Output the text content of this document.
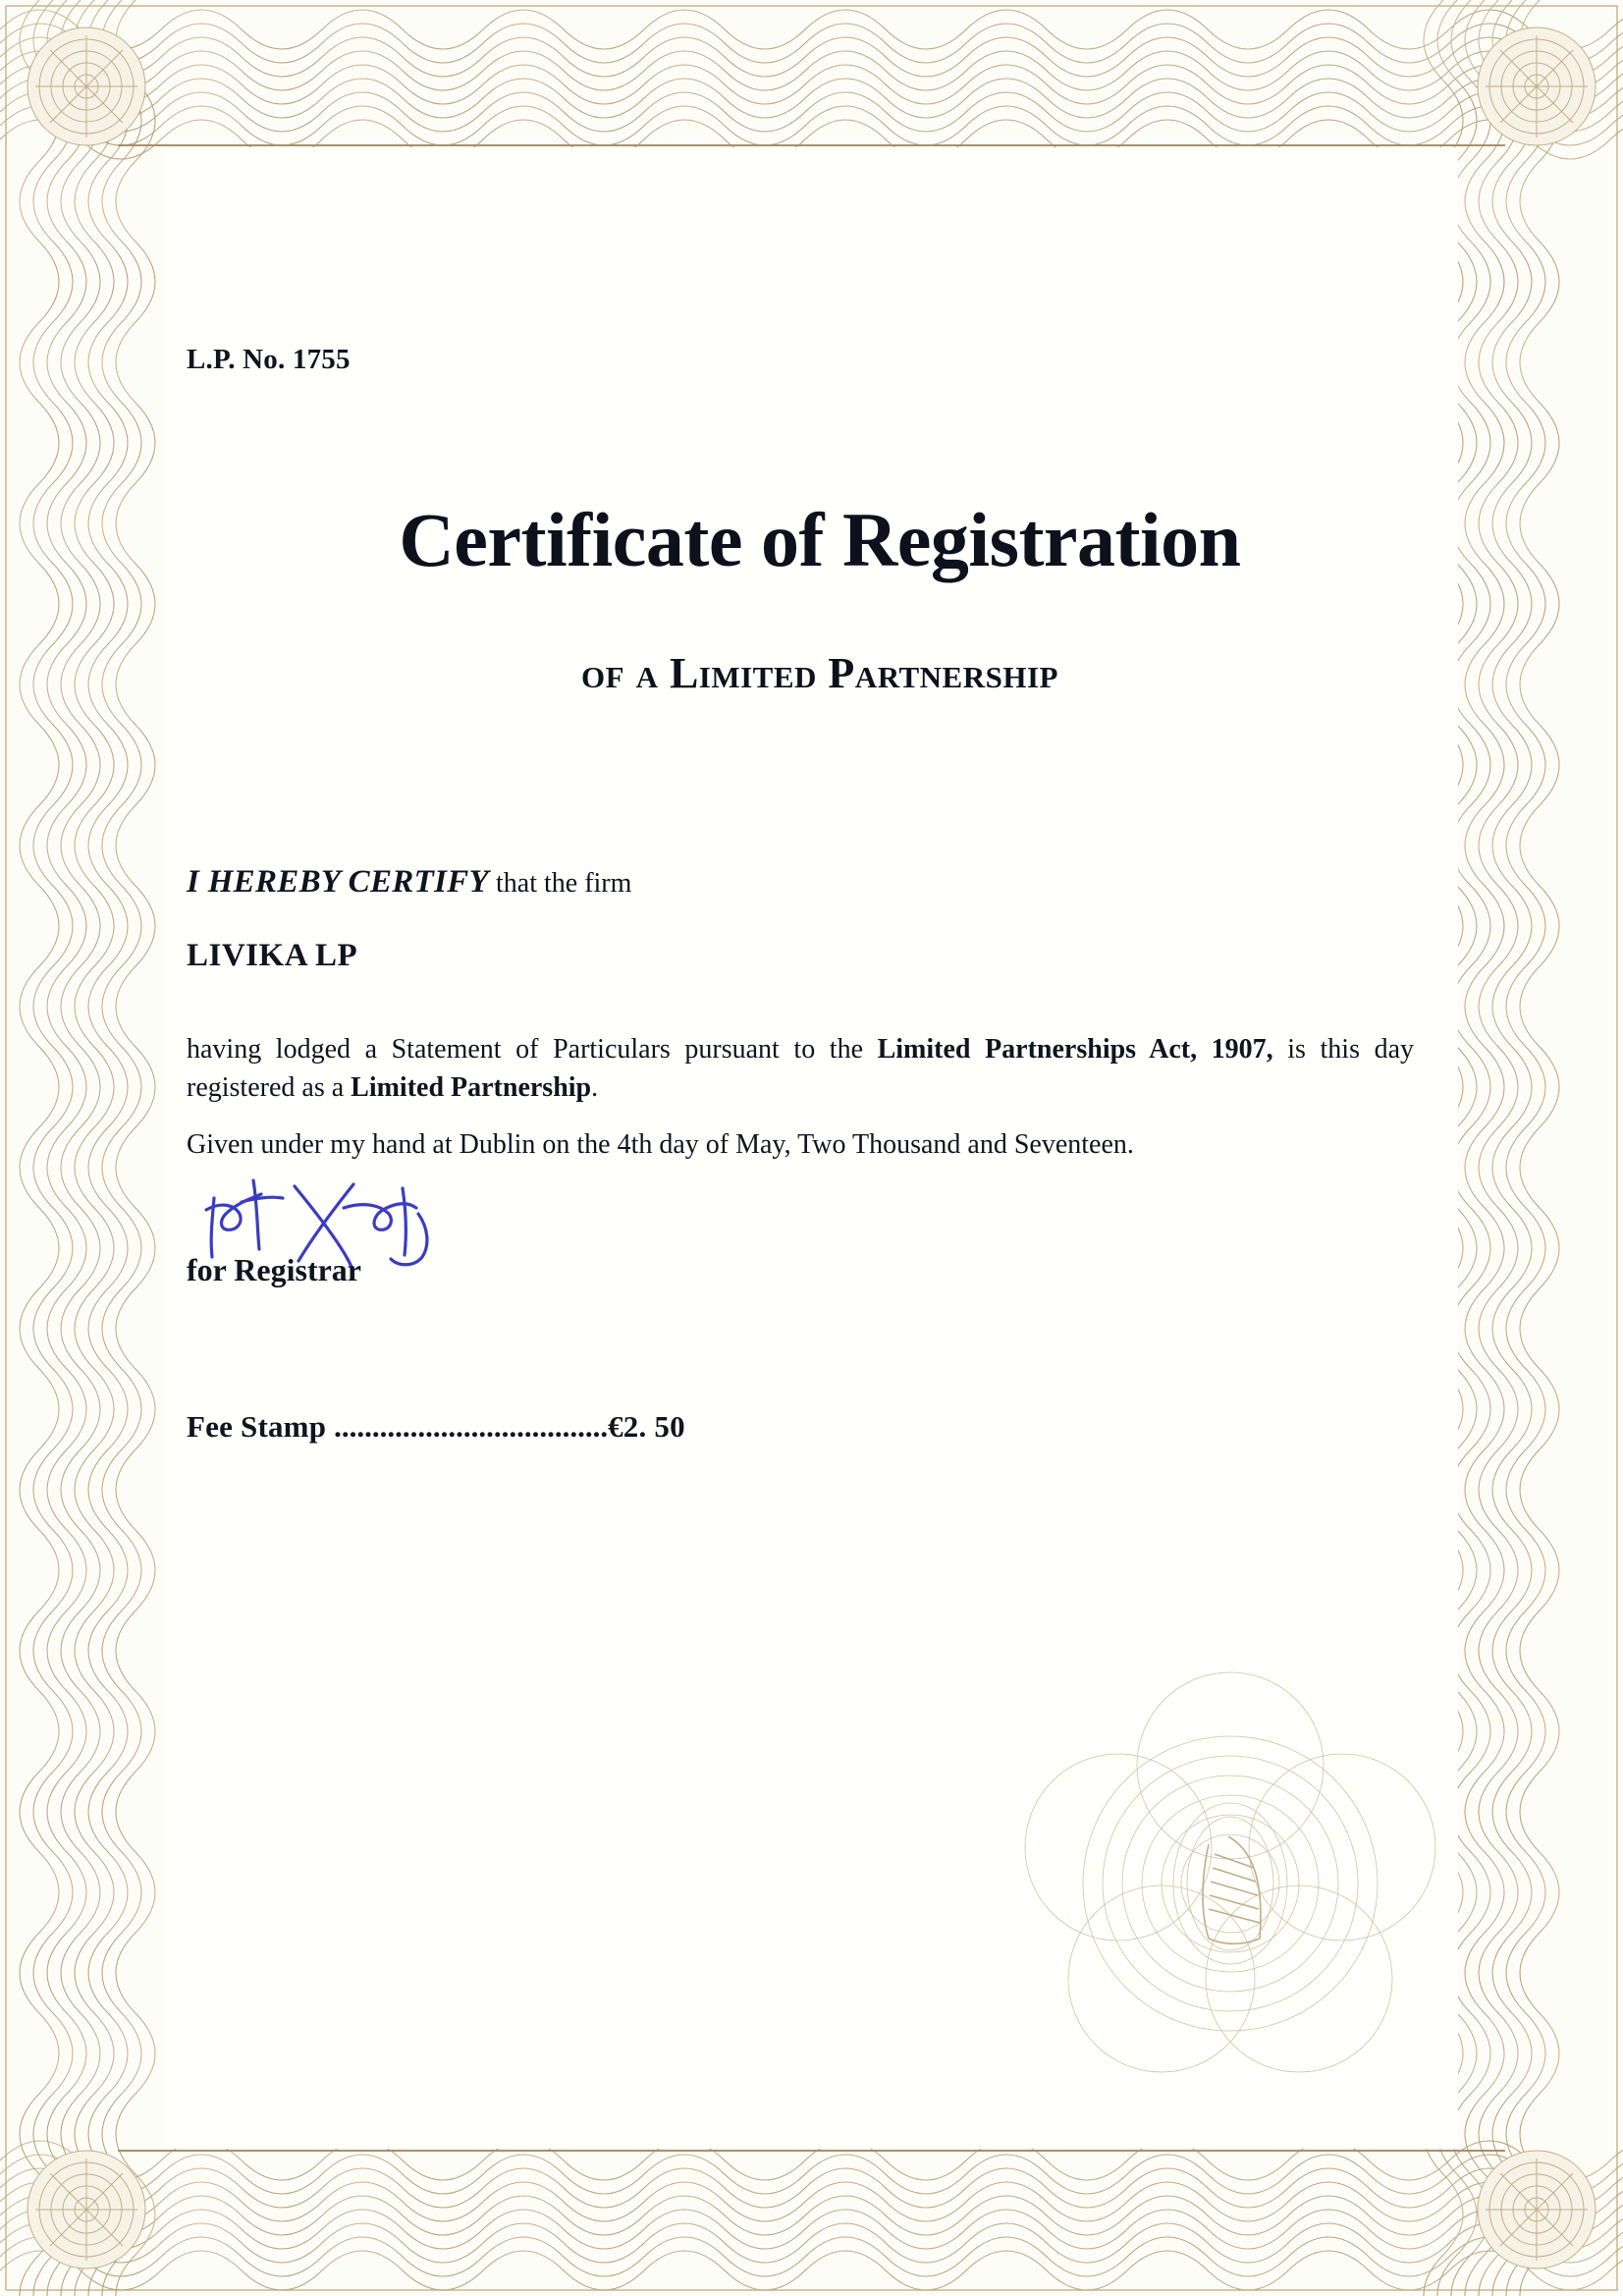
L.P. No. 1755
Certificate of Registration
of a Limited Partnership
I HEREBY CERTIFY that the firm
LIVIKA LP
having lodged a Statement of Particulars pursuant to the Limited Partnerships Act, 1907, is this day registered as a Limited Partnership.
Given under my hand at Dublin on the 4th day of May, Two Thousand and Seventeen.
for Registrar
Fee Stamp ....................................€2. 50
